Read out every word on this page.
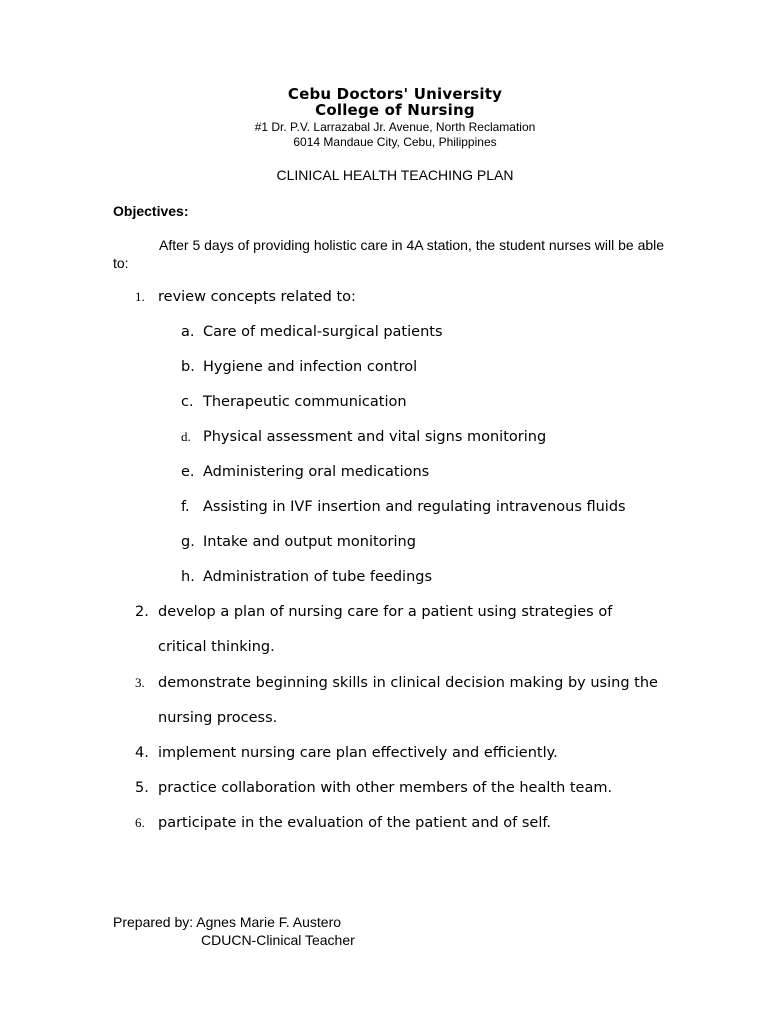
Cebu Doctors' University
College of Nursing
#1 Dr. P.V. Larrazabal Jr. Avenue, North Reclamation
6014 Mandaue City, Cebu, Philippines
CLINICAL HEALTH TEACHING PLAN
Objectives:
After 5 days of providing holistic care in 4A station, the student nurses will be able to:
1. review concepts related to:
a. Care of medical-surgical patients
b. Hygiene and infection control
c. Therapeutic communication
d. Physical assessment and vital signs monitoring
e. Administering oral medications
f. Assisting in IVF insertion and regulating intravenous fluids
g. Intake and output monitoring
h. Administration of tube feedings
2. develop a plan of nursing care for a patient using strategies of
critical thinking.
3. demonstrate beginning skills in clinical decision making by using the
nursing process.
4. implement nursing care plan effectively and efficiently.
5. practice collaboration with other members of the health team.
6. participate in the evaluation of the patient and of self.
Prepared by: Agnes Marie F. Austero
CDUCN-Clinical Teacher
